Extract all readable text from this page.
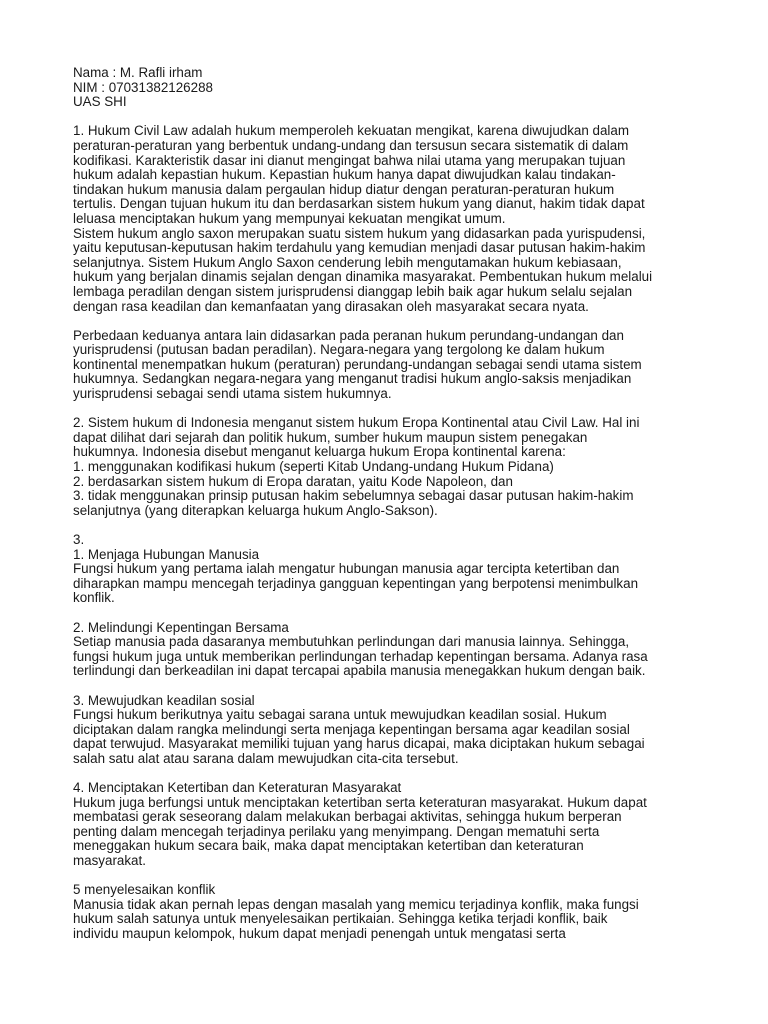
Nama : M. Rafli irham
NIM : 07031382126288
UAS SHI
1. Hukum Civil Law adalah hukum memperoleh kekuatan mengikat, karena diwujudkan dalam
peraturan-peraturan yang berbentuk undang-undang dan tersusun secara sistematik di dalam
kodifikasi. Karakteristik dasar ini dianut mengingat bahwa nilai utama yang merupakan tujuan
hukum adalah kepastian hukum. Kepastian hukum hanya dapat diwujudkan kalau tindakan-
tindakan hukum manusia dalam pergaulan hidup diatur dengan peraturan-peraturan hukum
tertulis. Dengan tujuan hukum itu dan berdasarkan sistem hukum yang dianut, hakim tidak dapat
leluasa menciptakan hukum yang mempunyai kekuatan mengikat umum.
Sistem hukum anglo saxon merupakan suatu sistem hukum yang didasarkan pada yurispudensi,
yaitu keputusan-keputusan hakim terdahulu yang kemudian menjadi dasar putusan hakim-hakim
selanjutnya. Sistem Hukum Anglo Saxon cenderung lebih mengutamakan hukum kebiasaan,
hukum yang berjalan dinamis sejalan dengan dinamika masyarakat. Pembentukan hukum melalui
lembaga peradilan dengan sistem jurisprudensi dianggap lebih baik agar hukum selalu sejalan
dengan rasa keadilan dan kemanfaatan yang dirasakan oleh masyarakat secara nyata.
Perbedaan keduanya antara lain didasarkan pada peranan hukum perundang-undangan dan
yurisprudensi (putusan badan peradilan). Negara-negara yang tergolong ke dalam hukum
kontinental menempatkan hukum (peraturan) perundang-undangan sebagai sendi utama sistem
hukumnya. Sedangkan negara-negara yang menganut tradisi hukum anglo-saksis menjadikan
yurisprudensi sebagai sendi utama sistem hukumnya.
2. Sistem hukum di Indonesia menganut sistem hukum Eropa Kontinental atau Civil Law. Hal ini
dapat dilihat dari sejarah dan politik hukum, sumber hukum maupun sistem penegakan
hukumnya. Indonesia disebut menganut keluarga hukum Eropa kontinental karena:
1. menggunakan kodifikasi hukum (seperti Kitab Undang-undang Hukum Pidana)
2. berdasarkan sistem hukum di Eropa daratan, yaitu Kode Napoleon, dan
3. tidak menggunakan prinsip putusan hakim sebelumnya sebagai dasar putusan hakim-hakim
selanjutnya (yang diterapkan keluarga hukum Anglo-Sakson).
3.
1. Menjaga Hubungan Manusia
Fungsi hukum yang pertama ialah mengatur hubungan manusia agar tercipta ketertiban dan
diharapkan mampu mencegah terjadinya gangguan kepentingan yang berpotensi menimbulkan
konflik.
2. Melindungi Kepentingan Bersama
Setiap manusia pada dasaranya membutuhkan perlindungan dari manusia lainnya. Sehingga,
fungsi hukum juga untuk memberikan perlindungan terhadap kepentingan bersama. Adanya rasa
terlindungi dan berkeadilan ini dapat tercapai apabila manusia menegakkan hukum dengan baik.
3. Mewujudkan keadilan sosial
Fungsi hukum berikutnya yaitu sebagai sarana untuk mewujudkan keadilan sosial. Hukum
diciptakan dalam rangka melindungi serta menjaga kepentingan bersama agar keadilan sosial
dapat terwujud. Masyarakat memiliki tujuan yang harus dicapai, maka diciptakan hukum sebagai
salah satu alat atau sarana dalam mewujudkan cita-cita tersebut.
4. Menciptakan Ketertiban dan Keteraturan Masyarakat
Hukum juga berfungsi untuk menciptakan ketertiban serta keteraturan masyarakat. Hukum dapat
membatasi gerak seseorang dalam melakukan berbagai aktivitas, sehingga hukum berperan
penting dalam mencegah terjadinya perilaku yang menyimpang. Dengan mematuhi serta
meneggakan hukum secara baik, maka dapat menciptakan ketertiban dan keteraturan
masyarakat.
5 menyelesaikan konflik
Manusia tidak akan pernah lepas dengan masalah yang memicu terjadinya konflik, maka fungsi
hukum salah satunya untuk menyelesaikan pertikaian. Sehingga ketika terjadi konflik, baik
individu maupun kelompok, hukum dapat menjadi penengah untuk mengatasi serta
